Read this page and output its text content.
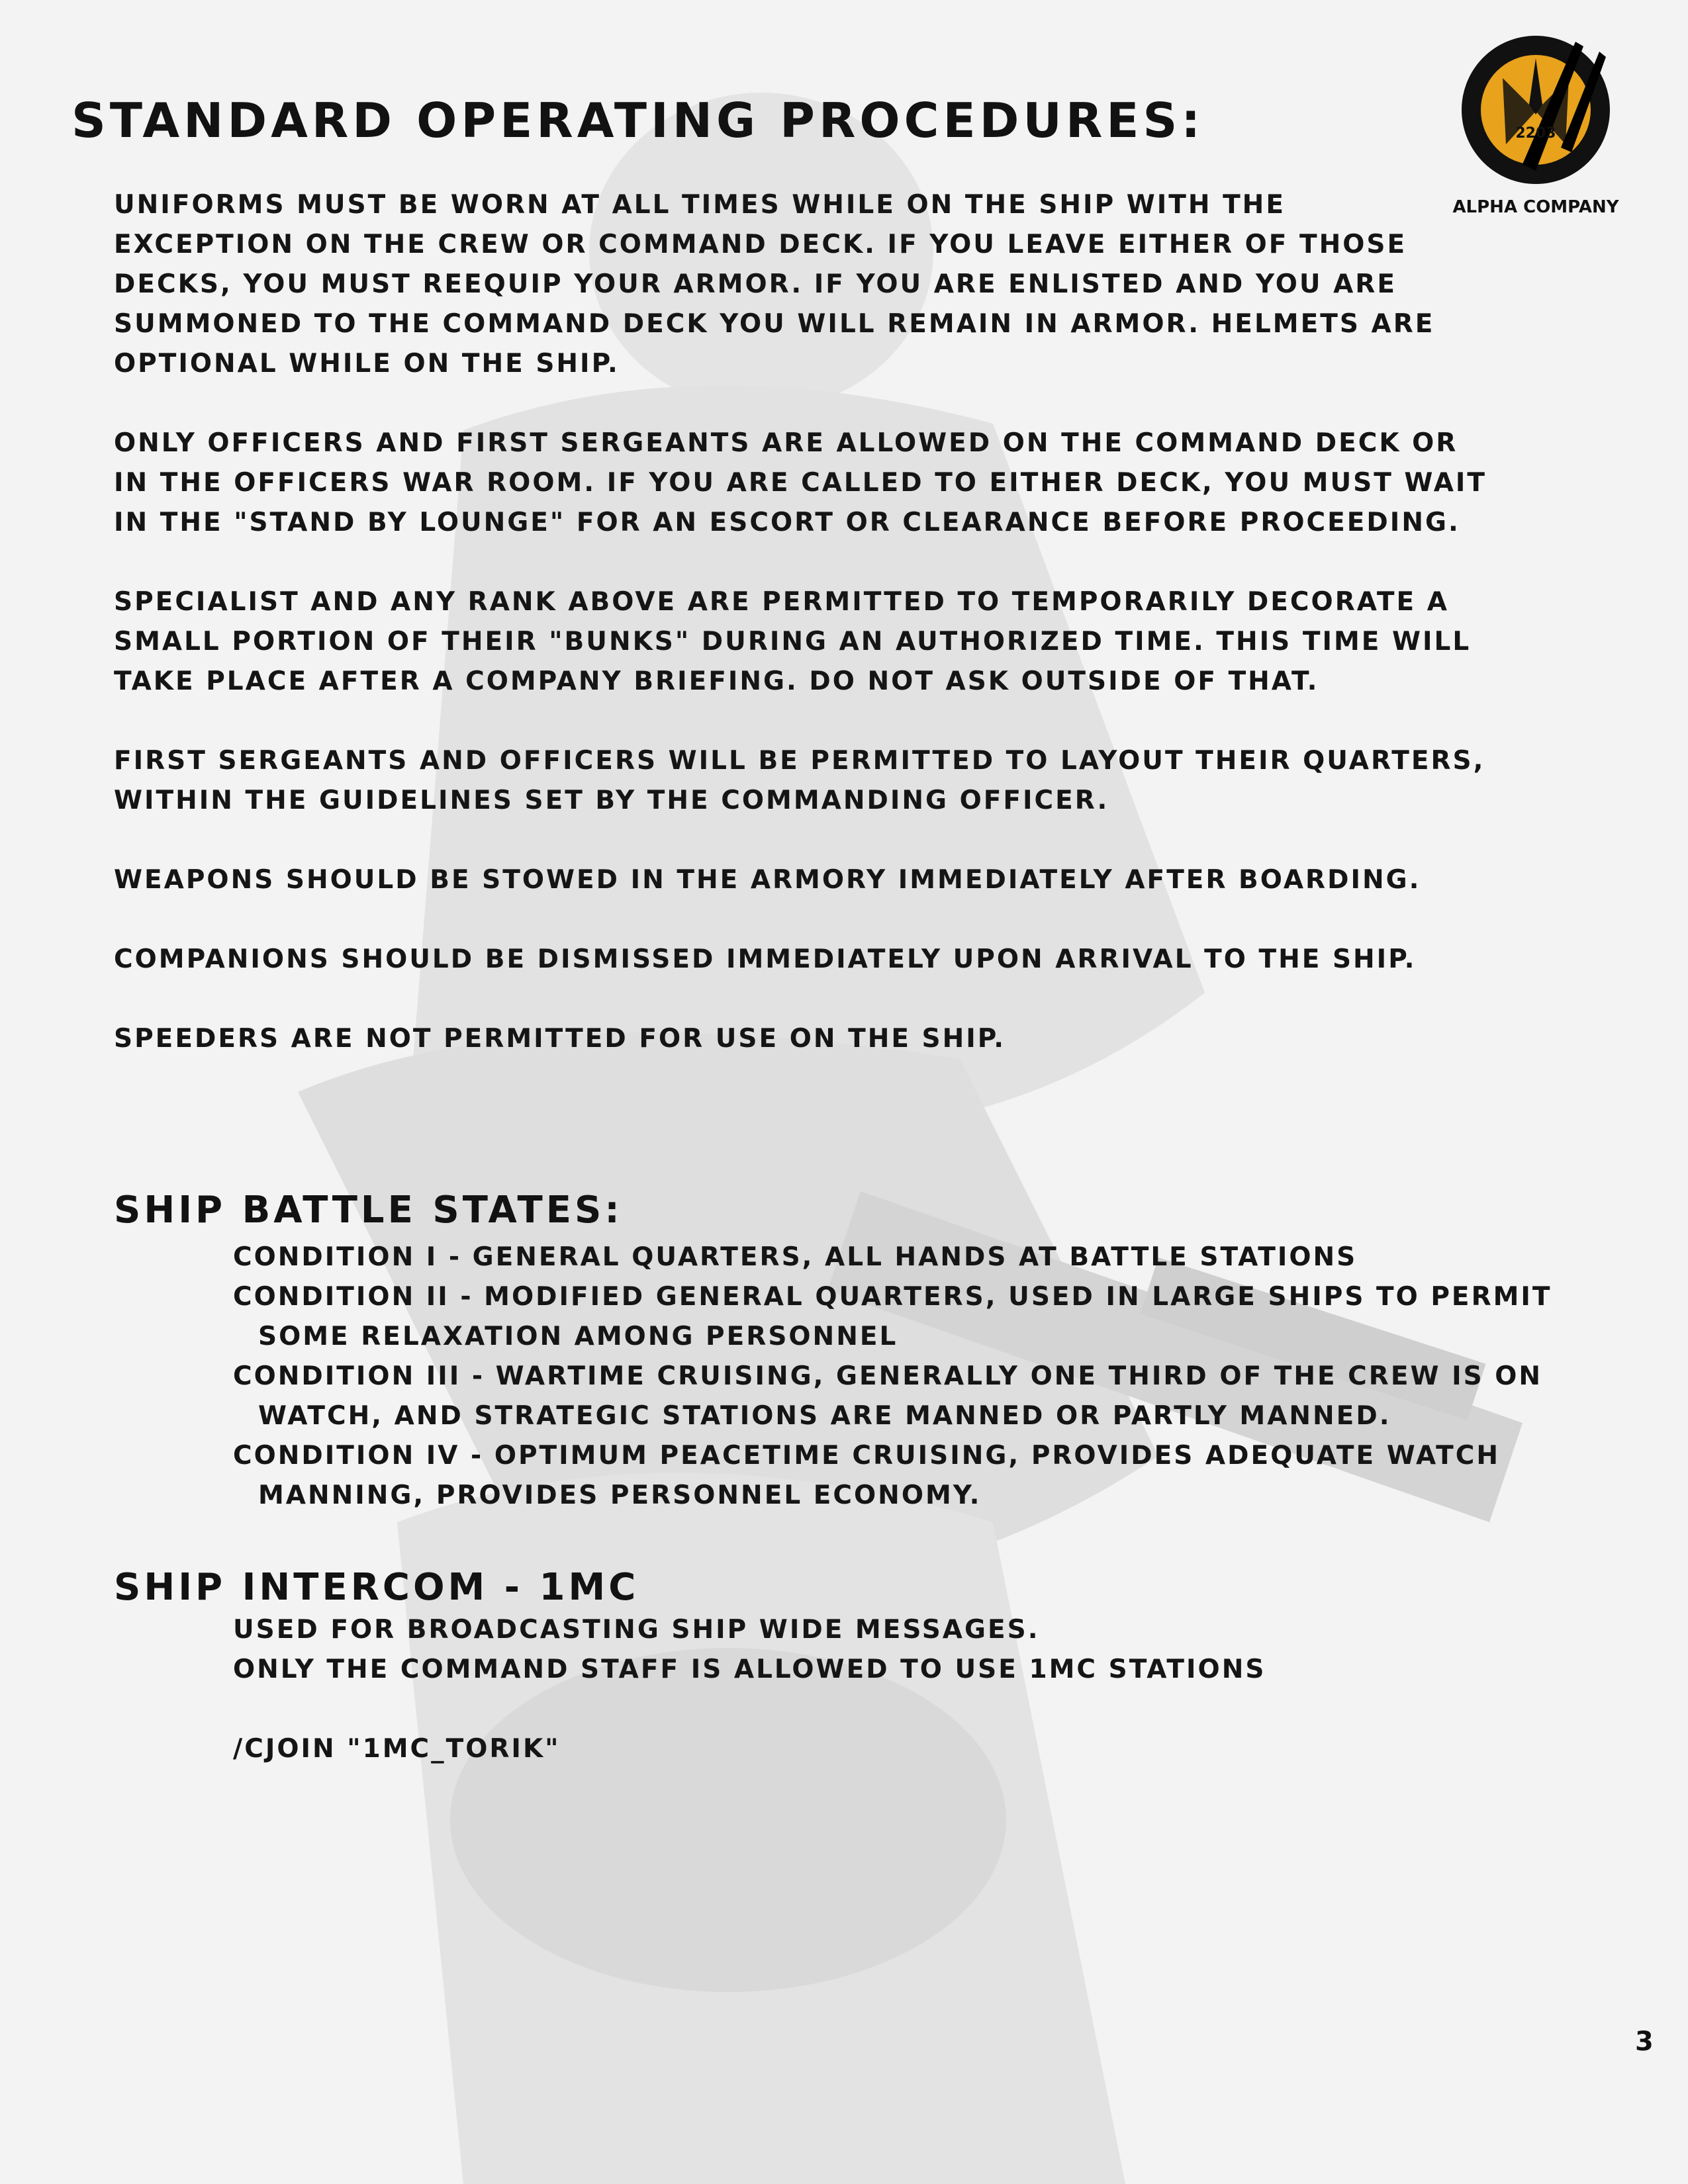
STANDARD OPERATING PROCEDURES:	2203
ALPHA COMPANY

UNIFORMS MUST BE WORN AT ALL TIMES WHILE ON THE SHIP WITH THE
EXCEPTION ON THE CREW OR COMMAND DECK. IF YOU LEAVE EITHER OF THOSE
DECKS, YOU MUST REEQUIP YOUR ARMOR. IF YOU ARE ENLISTED AND YOU ARE
SUMMONED TO THE COMMAND DECK YOU WILL REMAIN IN ARMOR. HELMETS ARE
OPTIONAL WHILE ON THE SHIP.

ONLY OFFICERS AND FIRST SERGEANTS ARE ALLOWED ON THE COMMAND DECK OR
IN THE OFFICERS WAR ROOM. IF YOU ARE CALLED TO EITHER DECK, YOU MUST WAIT
IN THE "STAND BY LOUNGE" FOR AN ESCORT OR CLEARANCE BEFORE PROCEEDING.

SPECIALIST AND ANY RANK ABOVE ARE PERMITTED TO TEMPORARILY DECORATE A
SMALL PORTION OF THEIR "BUNKS" DURING AN AUTHORIZED TIME. THIS TIME WILL
TAKE PLACE AFTER A COMPANY BRIEFING. DO NOT ASK OUTSIDE OF THAT.

FIRST SERGEANTS AND OFFICERS WILL BE PERMITTED TO LAYOUT THEIR QUARTERS,
WITHIN THE GUIDELINES SET BY THE COMMANDING OFFICER.

WEAPONS SHOULD BE STOWED IN THE ARMORY IMMEDIATELY AFTER BOARDING.

COMPANIONS SHOULD BE DISMISSED IMMEDIATELY UPON ARRIVAL TO THE SHIP.

SPEEDERS ARE NOT PERMITTED FOR USE ON THE SHIP.

SHIP BATTLE STATES:
CONDITION I - GENERAL QUARTERS, ALL HANDS AT BATTLE STATIONS
CONDITION II - MODIFIED GENERAL QUARTERS, USED IN LARGE SHIPS TO PERMIT SOME RELAXATION AMONG PERSONNEL
CONDITION III - WARTIME CRUISING, GENERALLY ONE THIRD OF THE CREW IS ON WATCH, AND STRATEGIC STATIONS ARE MANNED OR PARTLY MANNED.
CONDITION IV - OPTIMUM PEACETIME CRUISING, PROVIDES ADEQUATE WATCH MANNING, PROVIDES PERSONNEL ECONOMY.
SHIP INTERCOM - 1MC

USED FOR BROADCASTING SHIP WIDE MESSAGES.

ONLY THE COMMAND STAFF IS ALLOWED TO USE 1MC STATIONS

/CJOIN "1MC_TORIK"

3
